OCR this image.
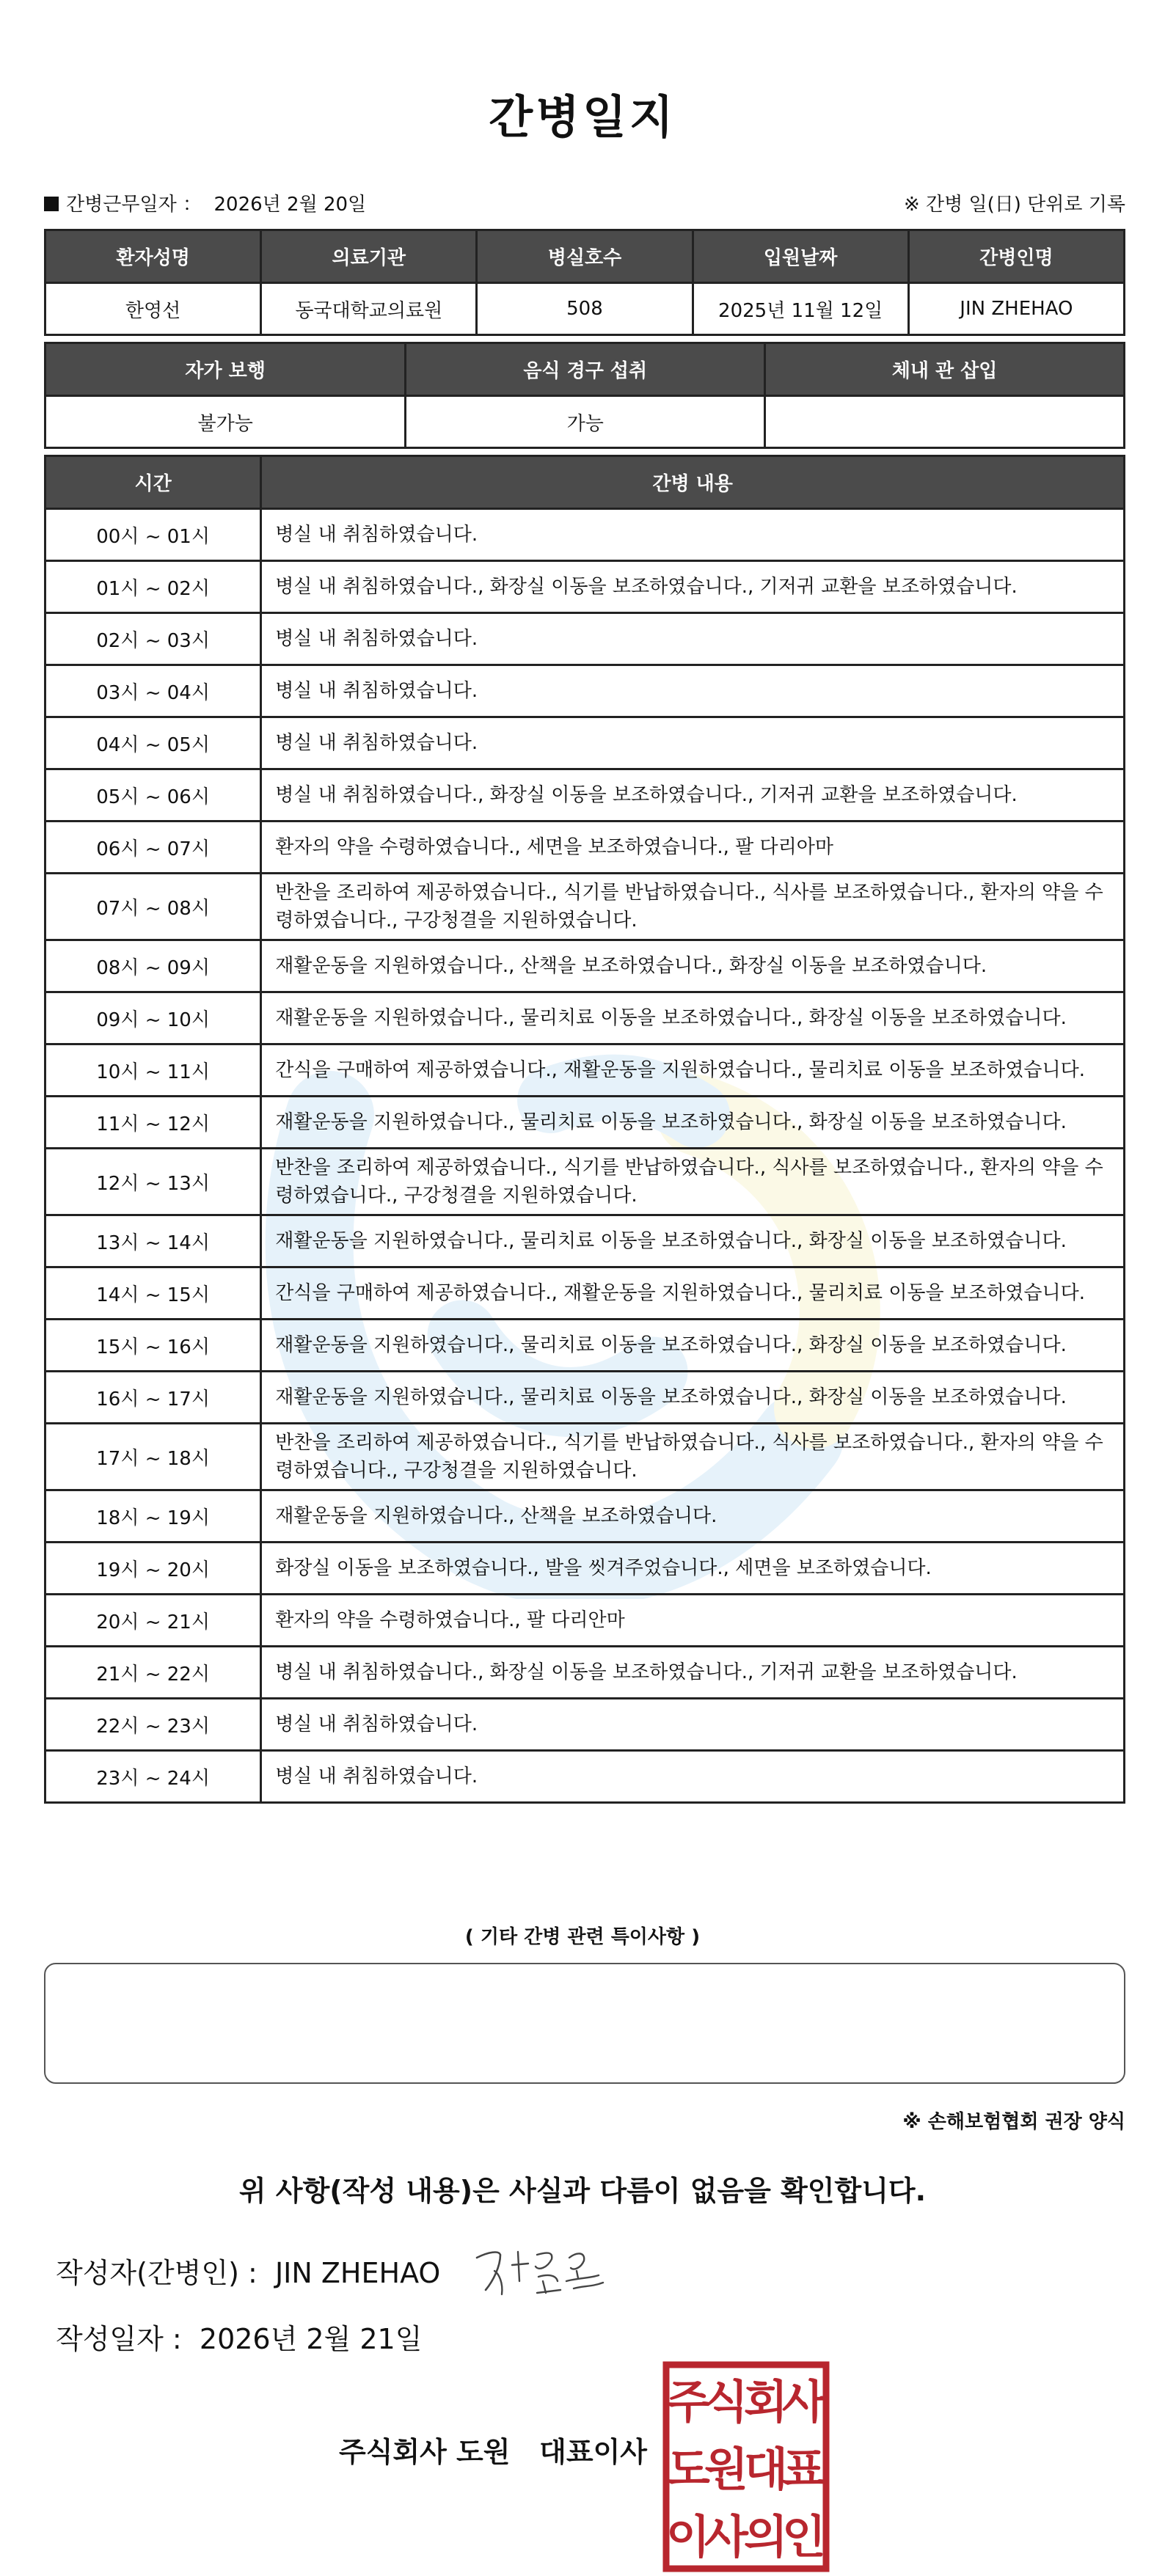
간병일지
간병근무일자 ： 2026년 2월 20일	※ 간병 일(日) 단위로 기록
환자성명	의료기관	병실호수	입원날짜	간병인명
한영선	동국대학교의료원	508	2025년 11월 12일	JIN ZHEHAO
자가 보행	음식 경구 섭취	체내 관 삽입
불가능	가능	
시간	간병 내용
00시 ~ 01시	병실 내 취침하였습니다.
01시 ~ 02시	병실 내 취침하였습니다., 화장실 이동을 보조하였습니다., 기저귀 교환을 보조하였습니다.
02시 ~ 03시	병실 내 취침하였습니다.
03시 ~ 04시	병실 내 취침하였습니다.
04시 ~ 05시	병실 내 취침하였습니다.
05시 ~ 06시	병실 내 취침하였습니다., 화장실 이동을 보조하였습니다., 기저귀 교환을 보조하였습니다.
06시 ~ 07시	환자의 약을 수령하였습니다., 세면을 보조하였습니다., 팔 다리아마
07시 ~ 08시	반찬을 조리하여 제공하였습니다., 식기를 반납하였습니다., 식사를 보조하였습니다., 환자의 약을 수령하였습니다., 구강청결을 지원하였습니다.
08시 ~ 09시	재활운동을 지원하였습니다., 산책을 보조하였습니다., 화장실 이동을 보조하였습니다.
09시 ~ 10시	재활운동을 지원하였습니다., 물리치료 이동을 보조하였습니다., 화장실 이동을 보조하였습니다.
10시 ~ 11시	간식을 구매하여 제공하였습니다., 재활운동을 지원하였습니다., 물리치료 이동을 보조하였습니다.
11시 ~ 12시	재활운동을 지원하였습니다., 물리치료 이동을 보조하였습니다., 화장실 이동을 보조하였습니다.
12시 ~ 13시	반찬을 조리하여 제공하였습니다., 식기를 반납하였습니다., 식사를 보조하였습니다., 환자의 약을 수령하였습니다., 구강청결을 지원하였습니다.
13시 ~ 14시	재활운동을 지원하였습니다., 물리치료 이동을 보조하였습니다., 화장실 이동을 보조하였습니다.
14시 ~ 15시	간식을 구매하여 제공하였습니다., 재활운동을 지원하였습니다., 물리치료 이동을 보조하였습니다.
15시 ~ 16시	재활운동을 지원하였습니다., 물리치료 이동을 보조하였습니다., 화장실 이동을 보조하였습니다.
16시 ~ 17시	재활운동을 지원하였습니다., 물리치료 이동을 보조하였습니다., 화장실 이동을 보조하였습니다.
17시 ~ 18시	반찬을 조리하여 제공하였습니다., 식기를 반납하였습니다., 식사를 보조하였습니다., 환자의 약을 수령하였습니다., 구강청결을 지원하였습니다.
18시 ~ 19시	재활운동을 지원하였습니다., 산책을 보조하였습니다.
19시 ~ 20시	화장실 이동을 보조하였습니다., 발을 씻겨주었습니다., 세면을 보조하였습니다.
20시 ~ 21시	환자의 약을 수령하였습니다., 팔 다리안마
21시 ~ 22시	병실 내 취침하였습니다., 화장실 이동을 보조하였습니다., 기저귀 교환을 보조하였습니다.
22시 ~ 23시	병실 내 취침하였습니다.
23시 ~ 24시	병실 내 취침하였습니다.
( 기타 간병 관련 특이사항 )
※ 손해보험협회 권장 양식
위 사항(작성 내용)은 사실과 다름이 없음을 확인합니다.
작성자(간병인) : JIN ZHEHAO
작성일자 : 2026년 2월 21일
주식회사 도원   대표이사
주
식
회
사
도
원
대
표
이
사
의
인
